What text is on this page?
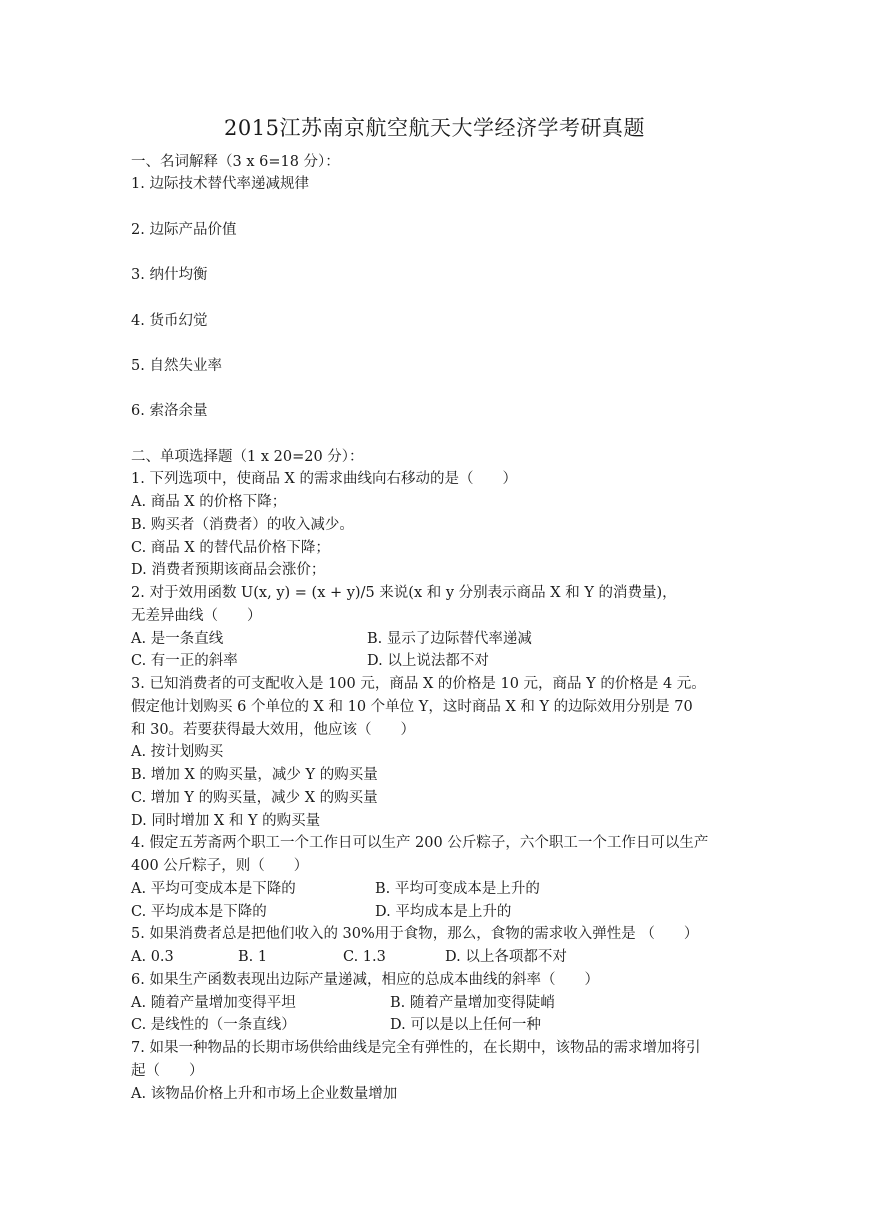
2015江苏南京航空航天大学经济学考研真题
一、名词解释（3 x 6=18 分）：
1. 边际技术替代率递减规律
2. 边际产品价值
3. 纳什均衡
4. 货币幻觉
5. 自然失业率
6. 索洛余量
二、单项选择题（1 x 20=20 分）：
1. 下列选项中，使商品 X 的需求曲线向右移动的是（　　）
A. 商品 X 的价格下降；
B. 购买者（消费者）的收入减少。
C. 商品 X 的替代品价格下降；
D. 消费者预期该商品会涨价；
2. 对于效用函数 U(x, y) = (x + y)/5 来说(x 和 y 分别表示商品 X 和 Y 的消费量)，
无差异曲线（　　）
A. 是一条直线	B. 显示了边际替代率递减
C. 有一正的斜率	D. 以上说法都不对
3. 已知消费者的可支配收入是 100 元，商品 X 的价格是 10 元，商品 Y 的价格是 4 元。
假定他计划购买 6 个单位的 X 和 10 个单位 Y，这时商品 X 和 Y 的边际效用分别是 70
和 30。若要获得最大效用，他应该（　　）
A. 按计划购买
B. 增加 X 的购买量，减少 Y 的购买量
C. 增加 Y 的购买量，减少 X 的购买量
D. 同时增加 X 和 Y 的购买量
4. 假定五芳斋两个职工一个工作日可以生产 200 公斤粽子，六个职工一个工作日可以生产
400 公斤粽子，则（　　）
A. 平均可变成本是下降的	B. 平均可变成本是上升的
C. 平均成本是下降的	D. 平均成本是上升的
5. 如果消费者总是把他们收入的 30%用于食物，那么，食物的需求收入弹性是 （　　）
A. 0.3	B. 1	C. 1.3	D. 以上各项都不对
6. 如果生产函数表现出边际产量递减，相应的总成本曲线的斜率（　　）
A. 随着产量增加变得平坦	B. 随着产量增加变得陡峭
C. 是线性的（一条直线）	D. 可以是以上任何一种
7. 如果一种物品的长期市场供给曲线是完全有弹性的，在长期中，该物品的需求增加将引
起（　　）
A. 该物品价格上升和市场上企业数量增加
